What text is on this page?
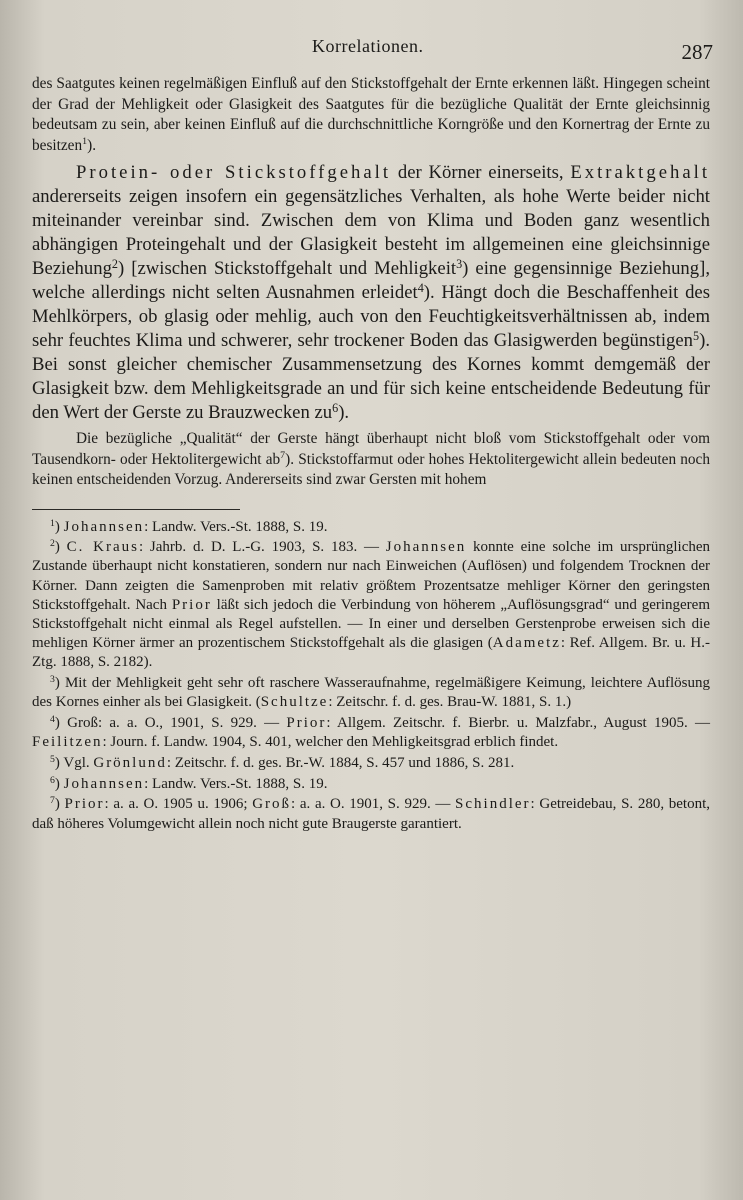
Korrelationen.	287

des Saatgutes keinen regelmäßigen Einfluß auf den Stickstoffgehalt der Ernte erkennen läßt. Hingegen scheint der Grad der Mehligkeit oder Glasigkeit des Saatgutes für die bezügliche Qualität der Ernte gleichsinnig bedeutsam zu sein, aber keinen Einfluß auf die durchschnittliche Korngröße und den Kornertrag der Ernte zu besitzen$^1$).

Protein- oder Stickstoffgehalt der Körner einerseits, Extraktgehalt andererseits zeigen insofern ein gegensätzliches Verhalten, als hohe Werte beider nicht miteinander vereinbar sind. Zwischen dem von Klima und Boden ganz wesentlich abhängigen Proteingehalt und der Glasigkeit besteht im allgemeinen eine gleichsinnige Beziehung$^2$) [zwischen Stickstoffgehalt und Mehligkeit$^3$) eine gegensinnige Beziehung], welche allerdings nicht selten Ausnahmen erleidet$^4$). Hängt doch die Beschaffenheit des Mehlkörpers, ob glasig oder mehlig, auch von den Feuchtigkeitsverhältnissen ab, indem sehr feuchtes Klima und schwerer, sehr trockener Boden das Glasigwerden begünstigen$^5$). Bei sonst gleicher chemischer Zusammensetzung des Kornes kommt demgemäß der Glasigkeit bzw. dem Mehligkeitsgrade an und für sich keine entscheidende Bedeutung für den Wert der Gerste zu Brauzwecken $zu^6$).

Die bezügliche „Qualität“ der Gerste hängt überhaupt nicht bloß vom Stickstoffgehalt oder vom Tausendkorn- oder Hektolitergewicht $ab^7$). Stickstoffarmut oder hohes Hektolitergewicht allein bedeuten noch keinen entscheidenden Vorzug. Andererseits sind zwar Gersten mit hohem

$^1$) Johannsen: Landw. Vers.-St. 1888, S. 19.

$^2$) C. Kraus: Jahrb. d. D. L.-G. 1903, S. 183. — Johannsen konnte eine solche im ursprünglichen Zustande überhaupt nicht konstatieren, sondern nur nach Einweichen (Auflösen) und folgendem Trocknen der Körner. Dann zeigten die Samenproben mit relativ größtem Prozentsatze mehliger Körner den geringsten Stickstoffgehalt. Nach Prior läßt sich jedoch die Verbindung von höherem „Auflösungsgrad“ und geringerem Stickstoffgehalt nicht einmal als Regel aufstellen. — In einer und derselben Gerstenprobe erweisen sich die mehligen Körner ärmer an prozentischem Stickstoffgehalt als die glasigen (Adametz: Ref. Allgem. Br. u. H.-Ztg. 1888, S. 2182).

$^3$) Mit der Mehligkeit geht sehr oft raschere Wasseraufnahme, regelmäßigere Keimung, leichtere Auflösung des Kornes einher als bei Glasigkeit. (Schultze: Zeitschr. f. d. ges. Brau-W. 1881, S. 1.)

$^4$) Groß: a. a. O., 1901, S. 929. — Prior: Allgem. Zeitschr. f. Bierbr. u. Malzfabr., August 1905. — Feilitzen: Journ. f. Landw. 1904, S. 401, welcher den Mehligkeitsgrad erblich findet.

$^5$) Vgl. Grönlund: Zeitschr. f. d. ges. Br.-W. 1884, S. 457 und 1886, S. 281.

$^6$) Johannsen: Landw. Vers.-St. 1888, S. 19.

$^7$) Prior: a. a. O. 1905 u. 1906; Groß: a. a. O. 1901, S. 929. — Schindler: Getreidebau, S. 280, betont, daß höheres Volumgewicht allein noch nicht gute Braugerste garantiert.
